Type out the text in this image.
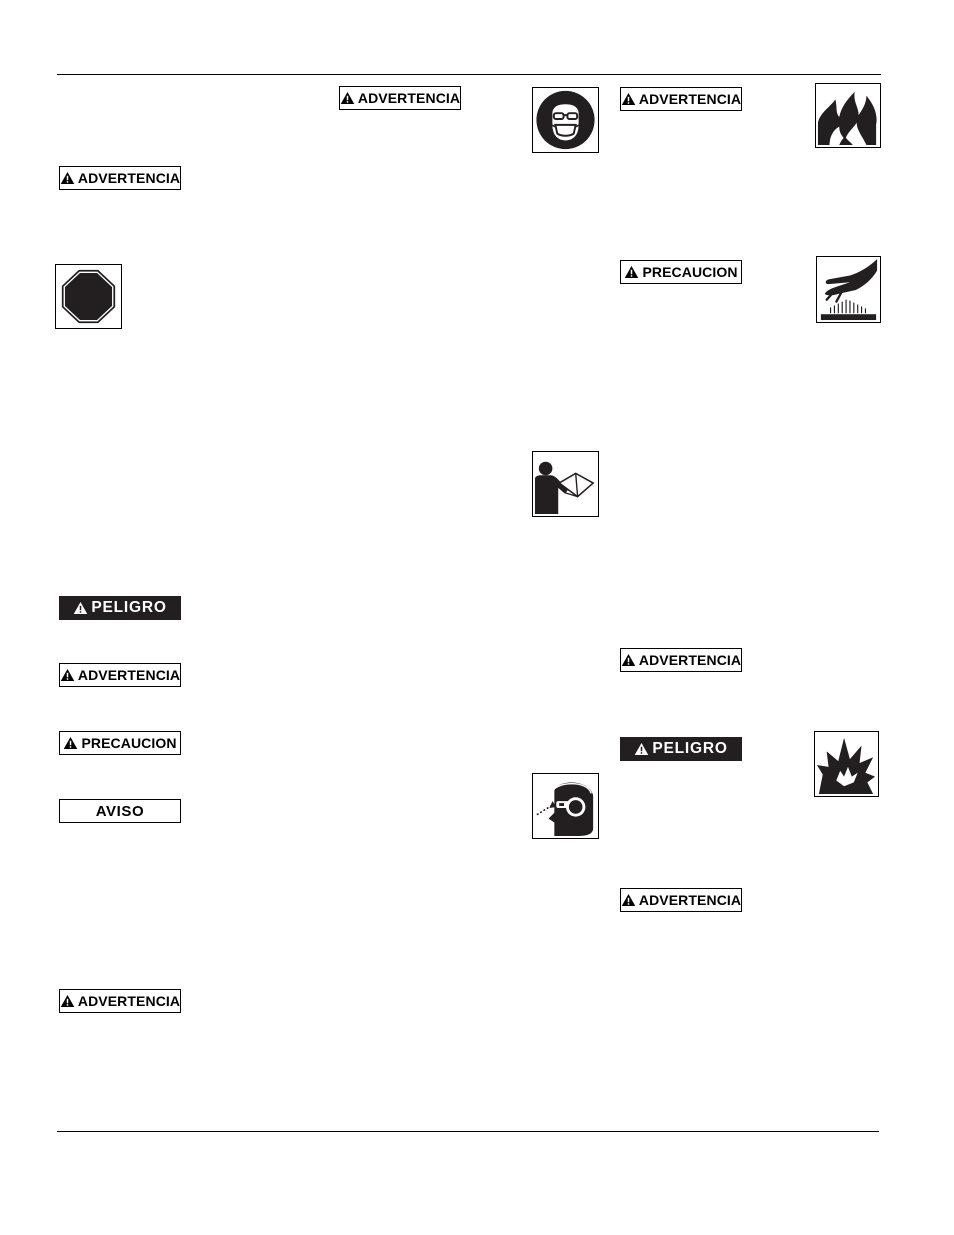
ADVERTENCIA
PELIGRO
ADVERTENCIA
PRECAUCION
AVISO
ADVERTENCIA
ADVERTENCIA	ADVERTENCIA
PRECAUCION
ADVERTENCIA
PELIGRO
ADVERTENCIA
